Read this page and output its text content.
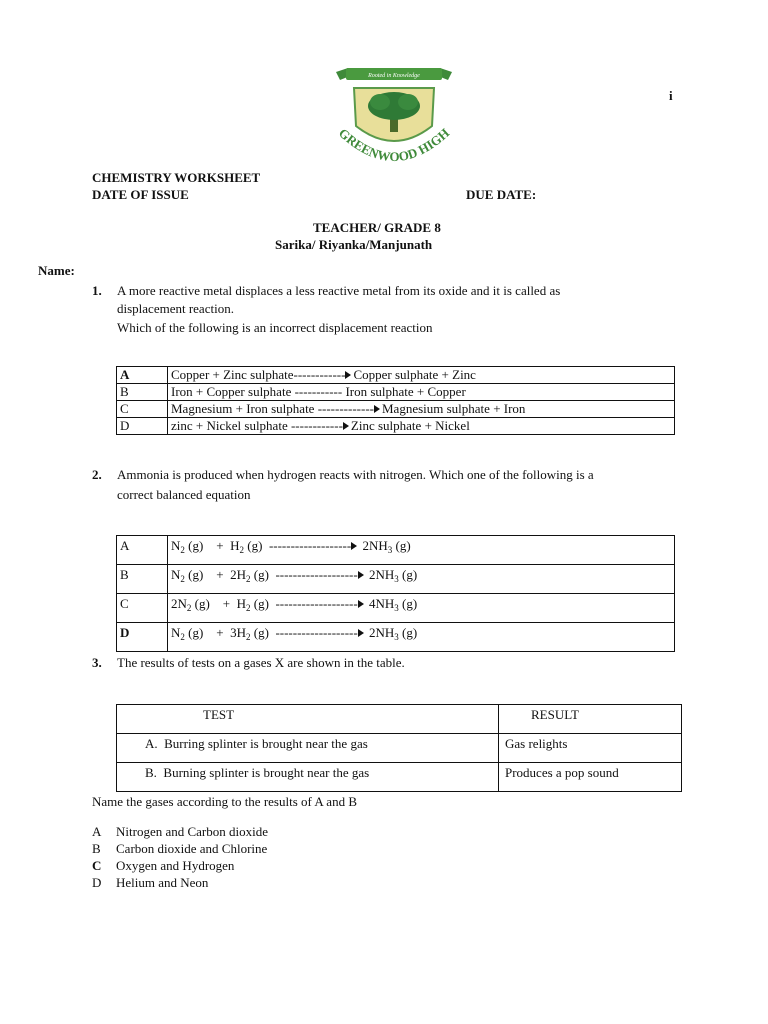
Rooted in Knowledge
GREENWOOD HIGH
i
CHEMISTRY WORKSHEET
DATE OF ISSUE	DUE DATE:
TEACHER/ GRADE 8
Sarika/ Riyanka/Manjunath
Name:
1. A more reactive metal displaces a less reactive metal from its oxide and it is called as
displacement reaction.
Which of the following is an incorrect displacement reaction
A	Copper + Zinc sulphate------------ Copper sulphate + Zinc
B	Iron + Copper sulphate ----------- Iron sulphate + Copper
C	Magnesium + Iron sulphate ------------- Magnesium sulphate + Iron
D	zinc + Nickel sulphate ------------ Zinc sulphate + Nickel
2. Ammonia is produced when hydrogen reacts with nitrogen. Which one of the following is a
correct balanced equation
A	$N_2$ (g)    +  $H_2$ (g)  ------------------- $2NH_3$ (g)
B	$N_2$ (g)    +  $2H_2$ (g)  ------------------- $2NH_3$ (g)
C	$2N_2$ (g)    +  $H_2$ (g)  ------------------- $4NH_3$ (g)
D	$N_2$ (g)    +  $3H_2$ (g)  ------------------- $2NH_3$ (g)
3. The results of tests on a gases X are shown in the table.
TEST	RESULT
A. Burring splinter is brought near the gas	Gas relights
B. Burning splinter is brought near the gas	Produces a pop sound
Name the gases according to the results of A and B
A Nitrogen and Carbon dioxide
B Carbon dioxide and Chlorine
C Oxygen and Hydrogen
D Helium and Neon
